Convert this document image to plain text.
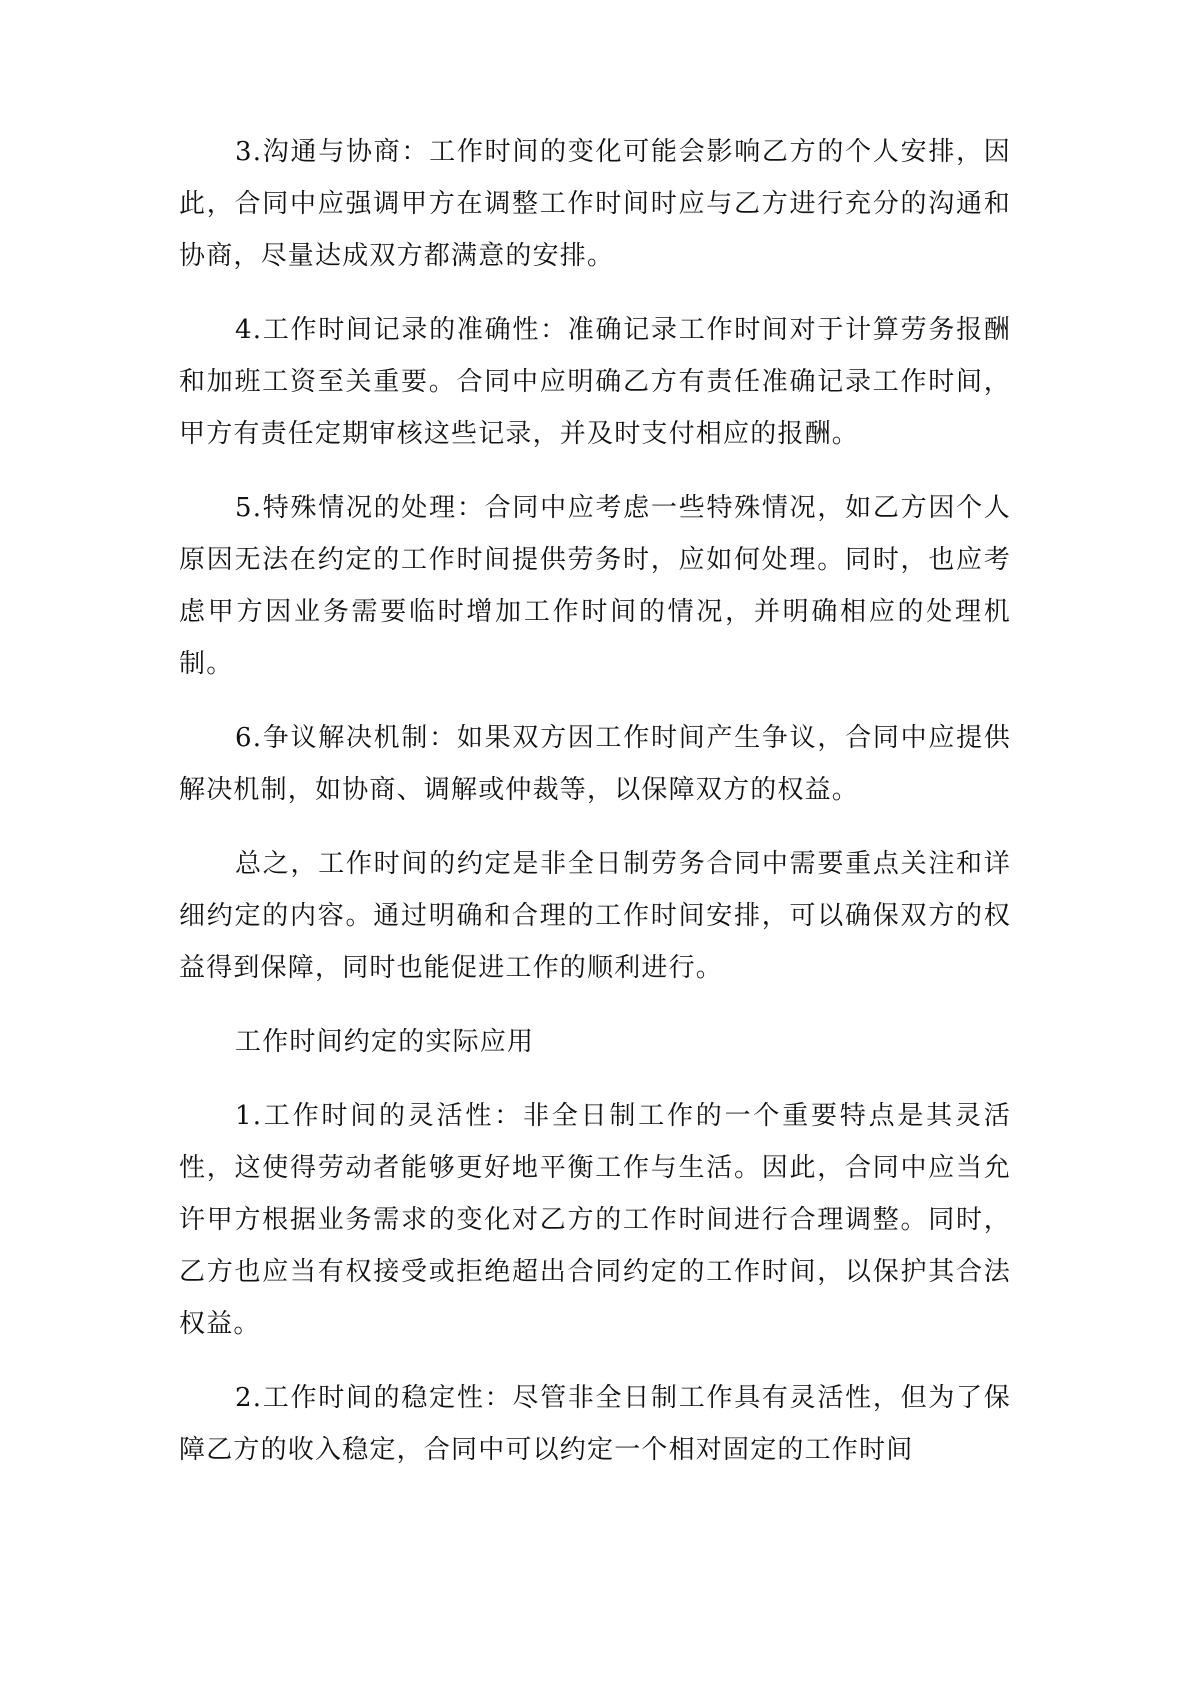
3.沟通与协商：工作时间的变化可能会影响乙方的个人安排，因此，合同中应强调甲方在调整工作时间时应与乙方进行充分的沟通和协商，尽量达成双方都满意的安排。

4.工作时间记录的准确性：准确记录工作时间对于计算劳务报酬和加班工资至关重要。合同中应明确乙方有责任准确记录工作时间，甲方有责任定期审核这些记录，并及时支付相应的报酬。

5.特殊情况的处理：合同中应考虑一些特殊情况，如乙方因个人原因无法在约定的工作时间提供劳务时，应如何处理。同时，也应考虑甲方因业务需要临时增加工作时间的情况，并明确相应的处理机制。

6.争议解决机制：如果双方因工作时间产生争议，合同中应提供解决机制，如协商、调解或仲裁等，以保障双方的权益。

总之，工作时间的约定是非全日制劳务合同中需要重点关注和详细约定的内容。通过明确和合理的工作时间安排，可以确保双方的权益得到保障，同时也能促进工作的顺利进行。

工作时间约定的实际应用

1.工作时间的灵活性：非全日制工作的一个重要特点是其灵活性，这使得劳动者能够更好地平衡工作与生活。因此，合同中应当允许甲方根据业务需求的变化对乙方的工作时间进行合理调整。同时，乙方也应当有权接受或拒绝超出合同约定的工作时间，以保护其合法权益。

2.工作时间的稳定性：尽管非全日制工作具有灵活性，但为了保障乙方的收入稳定，合同中可以约定一个相对固定的工作时间
